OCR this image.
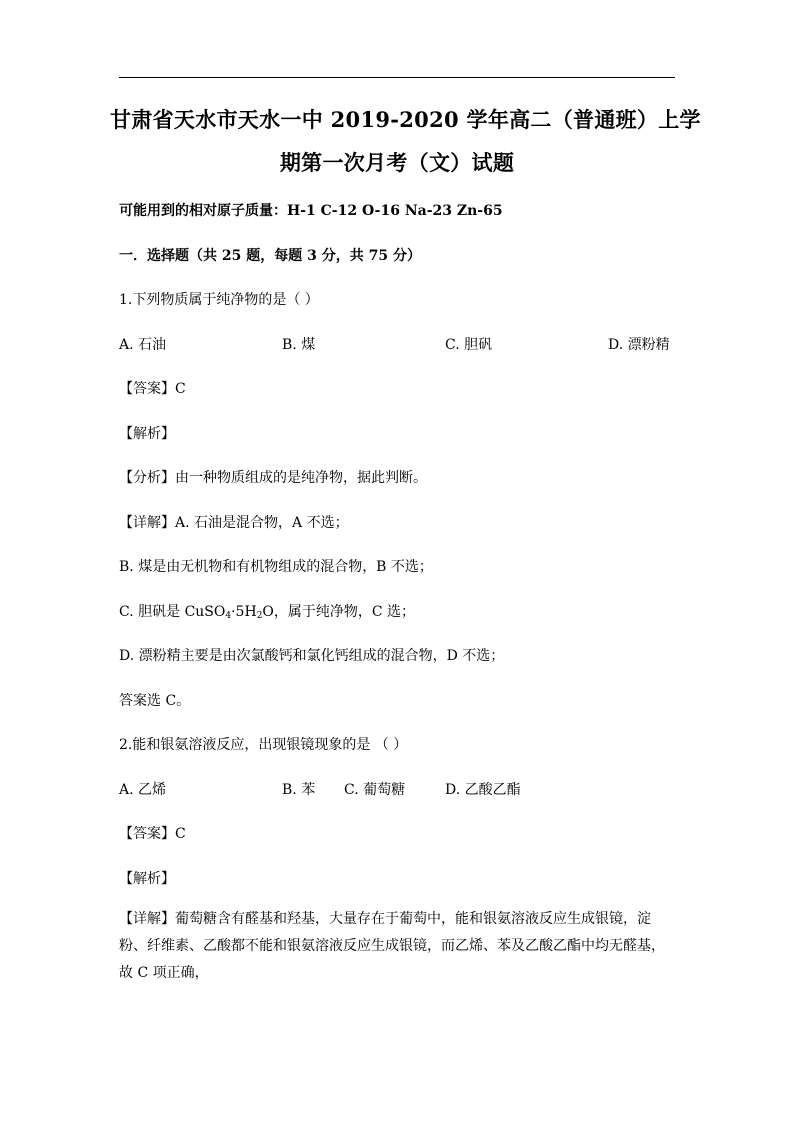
甘肃省天水市天水一中 2019-2020 学年高二（普通班）上学
期第一次月考（文）试题
可能用到的相对原子质量：H-1 C-12 O-16 Na-23 Zn-65
一．选择题（共 25 题，每题 3 分，共 75 分）
1.下列物质属于纯净物的是（ ）
A. 石油	B. 煤	C. 胆矾	D. 漂粉精
【答案】C
【解析】
【分析】由一种物质组成的是纯净物，据此判断。
【详解】A. 石油是混合物，A 不选；
B. 煤是由无机物和有机物组成的混合物，B 不选；
C. 胆矾是 $CuSO_4\cdot 5H_2O$，属于纯净物，C 选；
D. 漂粉精主要是由次氯酸钙和氯化钙组成的混合物，D 不选；
答案选 C。
2.能和银氨溶液反应，出现银镜现象的是 （ ）
A. 乙烯	B. 苯 C. 葡萄糖	D. 乙酸乙酯
【答案】C
【解析】
【详解】葡萄糖含有醛基和羟基，大量存在于葡萄中，能和银氨溶液反应生成银镜，淀粉、纤维素、乙酸都不能和银氨溶液反应生成银镜，而乙烯、苯及乙酸乙酯中均无醛基，故 C 项正确，
